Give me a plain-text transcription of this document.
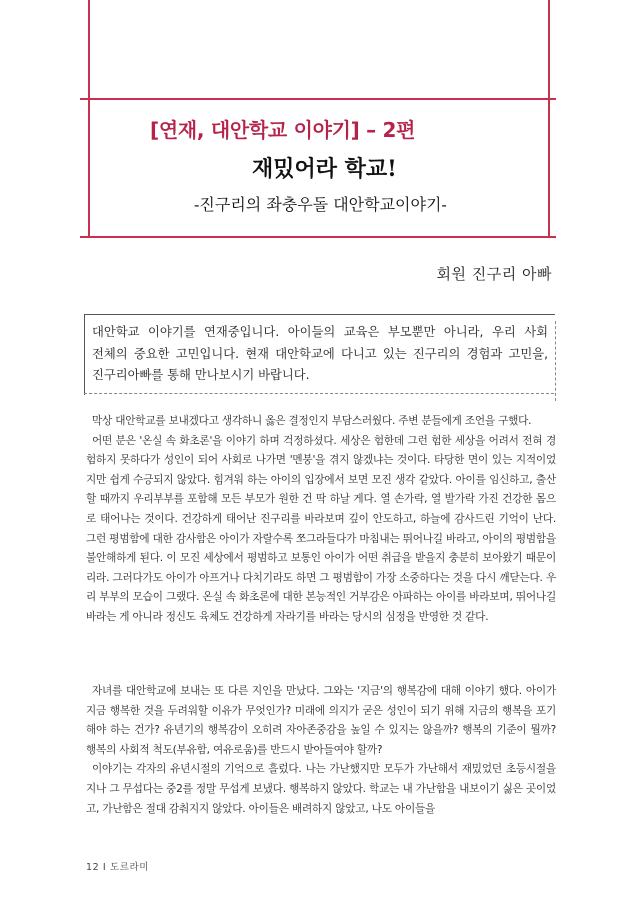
[연재, 대안학교 이야기] – 2편
재밌어라 학교!
-진구리의 좌충우돌 대안학교이야기-
회원 진구리 아빠
대안학교 이야기를 연재중입니다. 아이들의 교육은 부모뿐만 아니라, 우리 사회 전체의 중요한 고민입니다. 현재 대안학교에 다니고 있는 진구리의 경험과 고민을, 진구리아빠를 통해 만나보시기 바랍니다.

막상 대안학교를 보내겠다고 생각하니 옳은 결정인지 부담스러웠다. 주변 분들에게 조언을 구했다.

어떤 분은 '온실 속 화초론'을 이야기 하며 걱정하셨다. 세상은 험한데 그런 험한 세상을 어려서 전혀 경험하지 못하다가 성인이 되어 사회로 나가면 '멘붕'을 겪지 않겠냐는 것이다. 타당한 면이 있는 지적이었지만 쉽게 수긍되지 않았다. 힘겨워 하는 아이의 입장에서 보면 모진 생각 같았다. 아이를 임신하고, 출산할 때까지 우리부부를 포함해 모든 부모가 원한 건 딱 하날 게다. 열 손가락, 열 발가락 가진 건강한 몸으로 태어나는 것이다. 건강하게 태어난 진구리를 바라보며 깊이 안도하고, 하늘에 감사드린 기억이 난다. 그런 평범함에 대한 감사함은 아이가 자랄수록 쪼그라들다가 마침내는 뛰어나길 바라고, 아이의 평범함을 불안해하게 된다. 이 모진 세상에서 평범하고 보통인 아이가 어떤 취급을 받을지 충분히 보아왔기 때문이리라. 그러다가도 아이가 아프거나 다치기라도 하면 그 평범함이 가장 소중하다는 것을 다시 깨닫는다. 우리 부부의 모습이 그랬다. 온실 속 화초론에 대한 본능적인 거부감은 아파하는 아이를 바라보며, 뛰어나길 바라는 게 아니라 정신도 육체도 건강하게 자라기를 바라는 당시의 심정을 반영한 것 같다.

자녀를 대안학교에 보내는 또 다른 지인을 만났다. 그와는 '지금'의 행복감에 대해 이야기 했다. 아이가 지금 행복한 것을 두려워할 이유가 무엇인가? 미래에 의지가 굳은 성인이 되기 위해 지금의 행복을 포기해야 하는 건가? 유년기의 행복감이 오히려 자아존중감을 높일 수 있지는 않을까? 행복의 기준이 뭘까? 행복의 사회적 척도(부유함, 여유로움)를 반드시 받아들여야 할까?

이야기는 각자의 유년시절의 기억으로 흘렀다. 나는 가난했지만 모두가 가난해서 재밌었던 초등시절을 지나 그 무섭다는 중2를 정말 무섭게 보냈다. 행복하지 않았다. 학교는 내 가난함을 내보이기 싫은 곳이었고, 가난함은 절대 감춰지지 않았다. 아이들은 배려하지 않았고, 나도 아이들을

12 I 도르라미
